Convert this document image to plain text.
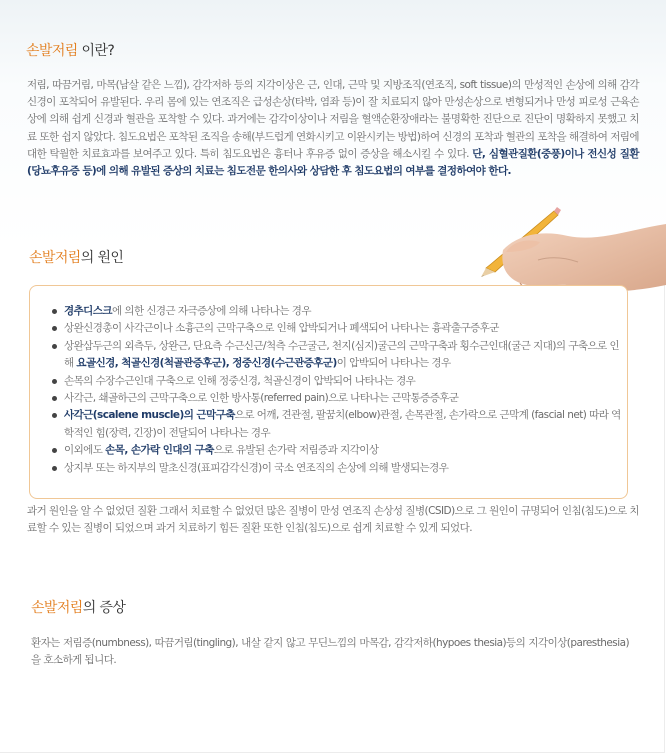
손발저림 이란?
저림, 따끔거림, 마목(남살 같은 느낌), 감각저하 등의 지각이상은 근, 인대, 근막 및 지방조직(연조직, soft tissue)의 만성적인 손상에 의해 감각신경이 포착되어 유발된다. 우리 몸에 있는 연조직은 급성손상(타박, 염좌 등)이 잘 치료되지 않아 만성손상으로 변형되거나 만성 피로성 근육손상에 의해 쉽게 신경과 혈관을 포착할 수 있다. 과거에는 감각이상이나 저림을 혈액순환장애라는 불명확한 진단으로 진단이 명확하지 못했고 치료 또한 쉽지 않았다. 침도요법은 포착된 조직을 송해(부드럽게 연화시키고 이완시키는 방법)하여 신경의 포착과 혈관의 포착을 해결하여 저림에 대한 탁월한 치료효과를 보여주고 있다. 특히 침도요법은 흉터나 후유증 없이 증상을 해소시킬 수 있다. 단, 심혈관질환(중풍)이나 전신성 질환(당뇨후유증 등)에 의해 유발된 증상의 치료는 침도전문 한의사와 상담한 후 침도요법의 여부를 결정하여야 한다.
손발저림의 원인
경추디스크에 의한 신경근 자극증상에 의해 나타나는 경우
상완신경총이 사각근이나 소흉근의 근막구축으로 인해 압박되거나 폐색되어 나타나는 흉곽출구증후군
상완삼두근의 외측두, 상완근, 단요측 수근신근/척측 수근굴근, 천지(심지)굴근의 근막구축과 횡수근인대(굴근 지대)의 구축으로 인해 요골신경, 척골신경(척골관증후군), 정중신경(수근관증후군)이 압박되어 나타나는 경우
손목의 수장수근인대 구축으로 인해 정중신경, 척골신경이 압박되어 나타나는 경우
사각근, 쇄골하근의 근막구축으로 인한 방사통(referred pain)으로 나타나는 근막통증증후군
사각근(scalene muscle)의 근막구축으로 어깨, 견관절, 팔꿈치(elbow)관절, 손목관절, 손가락으로 근막계 (fascial net) 따라 역학적인 힘(장력, 긴장)이 전달되어 나타나는 경우
이외에도 손목, 손가락 인대의 구축으로 유발된 손가락 저림증과 지각이상
상지부 또는 하지부의 말초신경(표피감각신경)이 국소 연조직의 손상에 의해 발생되는경우
과거 원인을 알 수 없었던 질환 그래서 치료할 수 없었던 많은 질병이 만성 연조직 손상성 질병(CSID)으로 그 원인이 규명되어 인침(침도)으로 치료할 수 있는 질병이 되었으며 과거 치료하기 힘든 질환 또한 인침(침도)으로 쉽게 치료할 수 있게 되었다.
손발저림의 증상
환자는 저림증(numbness), 따끔거림(tingling), 내살 같지 않고 무딘느낌의 마목감, 감각저하(hypoes thesia)등의 지각이상(paresthesia)을 호소하게 됩니다.
